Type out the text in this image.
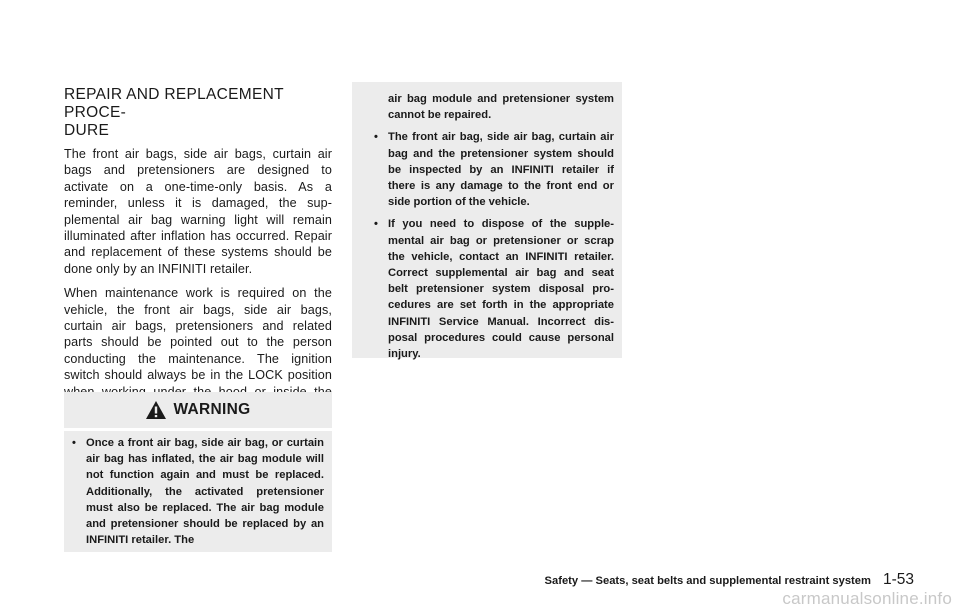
REPAIR AND REPLACEMENT PROCE-
DURE

The front air bags, side air bags, curtain air bags and pretensioners are designed to activate on a one-time-only basis. As a reminder, unless it is damaged, the sup- plemental air bag warning light will remain illuminated after inflation has occurred. Repair and replacement of these systems should be done only by an INFINITI retailer.

When maintenance work is required on the vehicle, the front air bags, side air bags, curtain air bags, pretensioners and related parts should be pointed out to the person conducting the maintenance. The ignition switch should always be in the LOCK position

WARNING

• Once a front air bag, side air bag, or curtain air bag has inflated, the air bag module will not function again and must be replaced. Additionally, the activated pretensioner must also be replaced. The air bag module and pretensioner should be replaced by an INFINITI retailer. The

air bag module and pretensioner system cannot be repaired.

• The front air bag, side air bag, curtain air bag and the pretensioner system should be inspected by an INFINITI retailer if there is any damage to the front end or side portion of the vehicle.

• If you need to dispose of the supple- mental air bag or pretensioner or scrap the vehicle, contact an INFINITI retailer. Correct supplemental air bag and seat belt pretensioner system disposal pro- cedures are set forth in the appropriate INFINITI Service Manual. Incorrect dis- posal procedures could cause personal injury.

Safety — Seats, seat belts and supplemental restraint system 1-53
carmanualsonline.info
